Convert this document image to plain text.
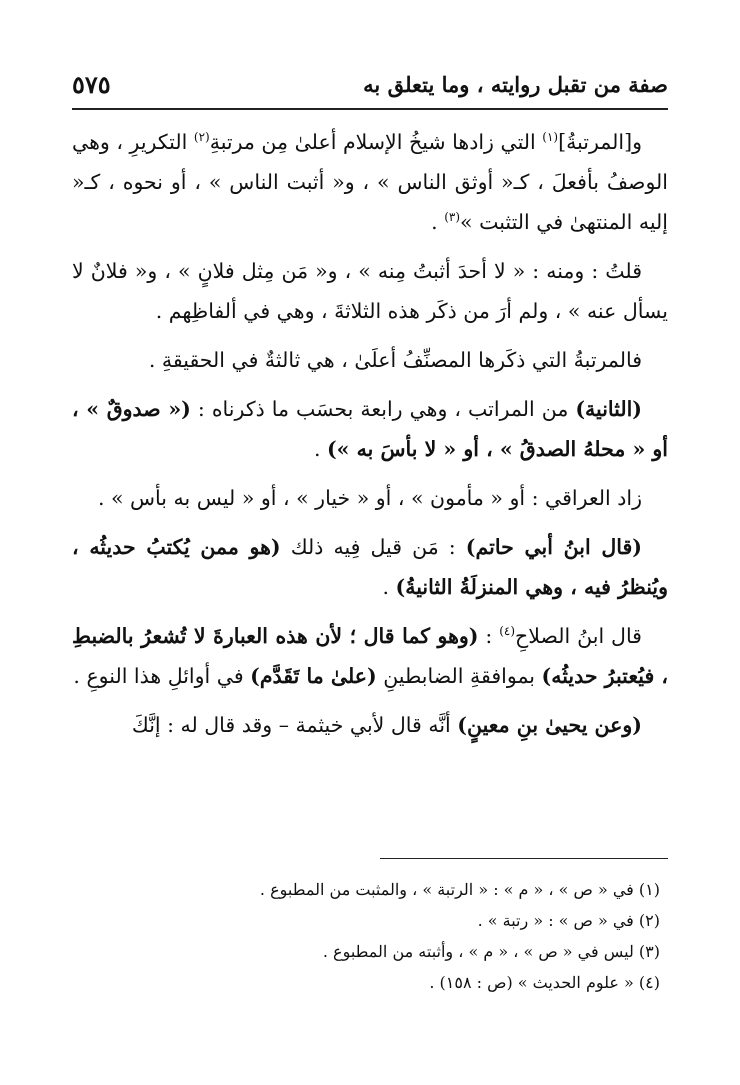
صفة من تقبل روايته ، وما يتعلق به
٥٧٥

و[المرتبةُ]$^{(١)}$ التي زادها شيخُ الإسلام أعلىٰ مِن مرتبةِ$^{(٢)}$ التكريرِ ، وهي الوصفُ بأفعلَ ، كـ« أوثق الناس » ، و« أثبت الناس » ، أو نحوه ، كـ« إليه المنتهىٰ في التثبت »$^{(٣)}$ .

قلتُ : ومنه : « لا أحدَ أثبتُ مِنه » ، و« مَن مِثل فلانٍ » ، و« فلانٌ لا يسأل عنه » ، ولم أرَ من ذكَر هذه الثلاثةَ ، وهي في ألفاظِهم .

فالمرتبةُ التي ذكَرها المصنِّفُ أعلَىٰ ، هي ثالثةٌ في الحقيقةِ .

(الثانية) من المراتب ، وهي رابعة بحسَب ما ذكرناه : (« صدوقٌ » ، أو « محلهُ الصدقُ » ، أو « لا بأسَ به ») .

زاد العراقي : أو « مأمون » ، أو « خيار » ، أو « ليس به بأس » .

(قال ابنُ أبي حاتم) : مَن قيل فِيه ذلك (هو ممن يُكتبُ حديثُه ، ويُنظرُ فيه ، وهي المنزلَةُ الثانيةُ) .

قال ابنُ الصلاحِ$^{(٤)}$ : (وهو كما قال ؛ لأن هذه العبارةَ لا تُشعرُ بالضبطِ ، فيُعتبرُ حديثُه) بموافقةِ الضابطينِ (علىٰ ما تَقَدَّم) في أوائلِ هذا النوعِ .

(وعن يحيىٰ بنِ معينٍ) أنَّه قال لأبي خيثمة – وقد قال له : إنَّكَ

(١) في « ص » ، « م » : « الرتبة » ، والمثبت من المطبوع .
(٢) في « ص » : « رتبة » .
(٣) ليس في « ص » ، « م » ، وأثبته من المطبوع .
(٤) « علوم الحديث » (ص : ١٥٨) .
